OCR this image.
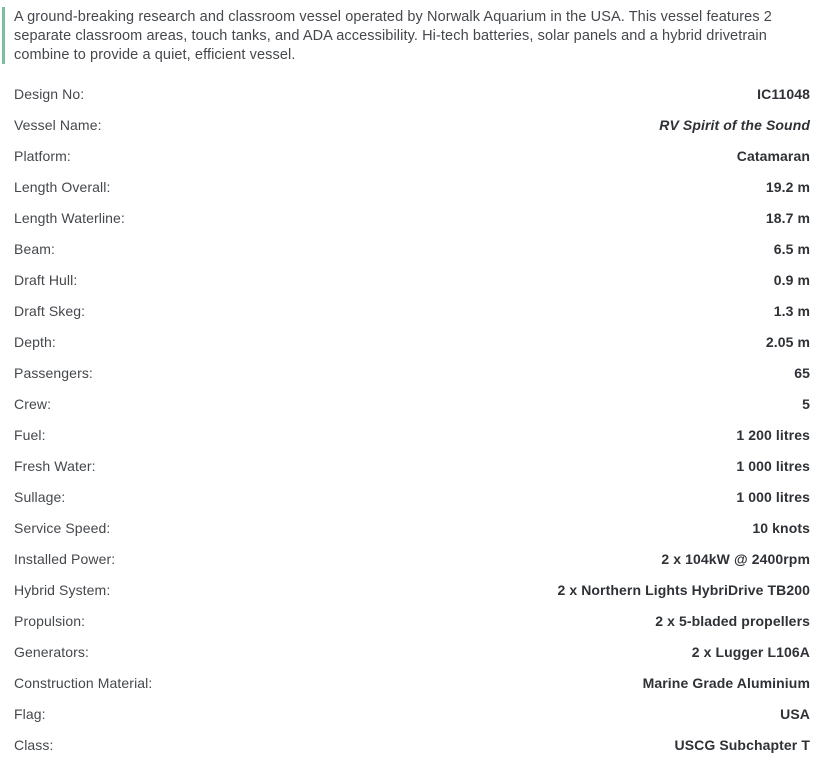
A ground-breaking research and classroom vessel operated by Norwalk Aquarium in the USA. This vessel features 2 separate classroom areas, touch tanks, and ADA accessibility. Hi-tech batteries, solar panels and a hybrid drivetrain combine to provide a quiet, efficient vessel.

Design No:	IC11048
Vessel Name:	RV Spirit of the Sound
Platform:	Catamaran
Length Overall:	19.2 m
Length Waterline:	18.7 m
Beam:	6.5 m
Draft Hull:	0.9 m
Draft Skeg:	1.3 m
Depth:	2.05 m
Passengers:	65
Crew:	5
Fuel:	1 200 litres
Fresh Water:	1 000 litres
Sullage:	1 000 litres
Service Speed:	10 knots
Installed Power:	2 x 104kW @ 2400rpm
Hybrid System:	2 x Northern Lights HybriDrive TB200
Propulsion:	2 x 5-bladed propellers
Generators:	2 x Lugger L106A
Construction Material:	Marine Grade Aluminium
Flag:	USA
Class:	USCG Subchapter T
